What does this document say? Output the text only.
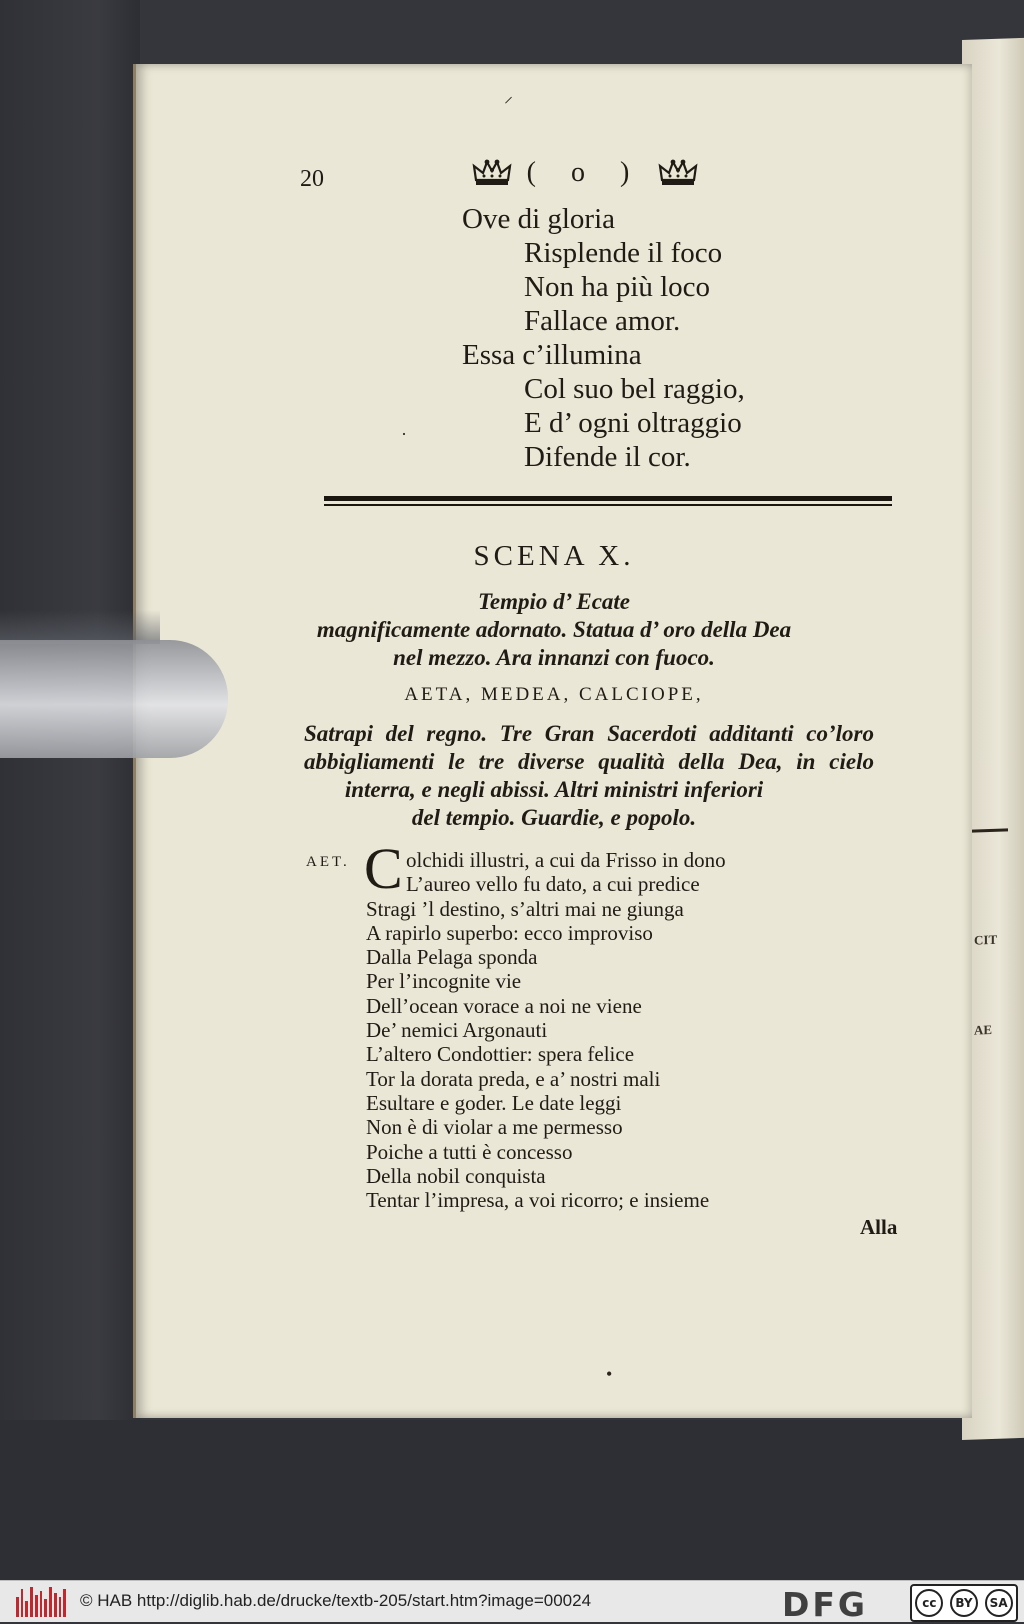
CIT
AE
⸝
20	( o )
Ove di gloria
Risplende il foco
Non ha più loco
Fallace amor.
Essa c’illumina
Col suo bel raggio,
E d’ ogni oltraggio
Difende il cor.
SCENA X.
Tempio d’ Ecate
magnificamente adornato. Statua d’ oro della Dea
nel mezzo. Ara innanzi con fuoco.
AETA, MEDEA, CALCIOPE,
Satrapi del regno. Tre Gran Sacerdoti additanti co’loro
abbigliamenti le tre diverse qualità della Dea, in cielo
interra, e negli abissi. Altri ministri inferiori
del tempio. Guardie, e popolo.
AET. C olchidi illustri, a cui da Frisso in dono
L’aureo vello fu dato, a cui predice
Stragi ’l destino, s’altri mai ne giunga
A rapirlo superbo: ecco improviso
Dalla Pelaga sponda
Per l’incognite vie
Dell’ocean vorace a noi ne viene
De’ nemici Argonauti
L’altero Condottier: spera felice
Tor la dorata preda, e a’ nostri mali
Esultare e goder. Le date leggi
Non è di violar a me permesso
Poiche a tutti è concesso
Della nobil conquista
Tentar l’impresa, a voi ricorro; e insieme
Alla
•
·
© HAB http://diglib.hab.de/drucke/textb-205/start.htm?image=00024	DFG	cc	BY	SA
